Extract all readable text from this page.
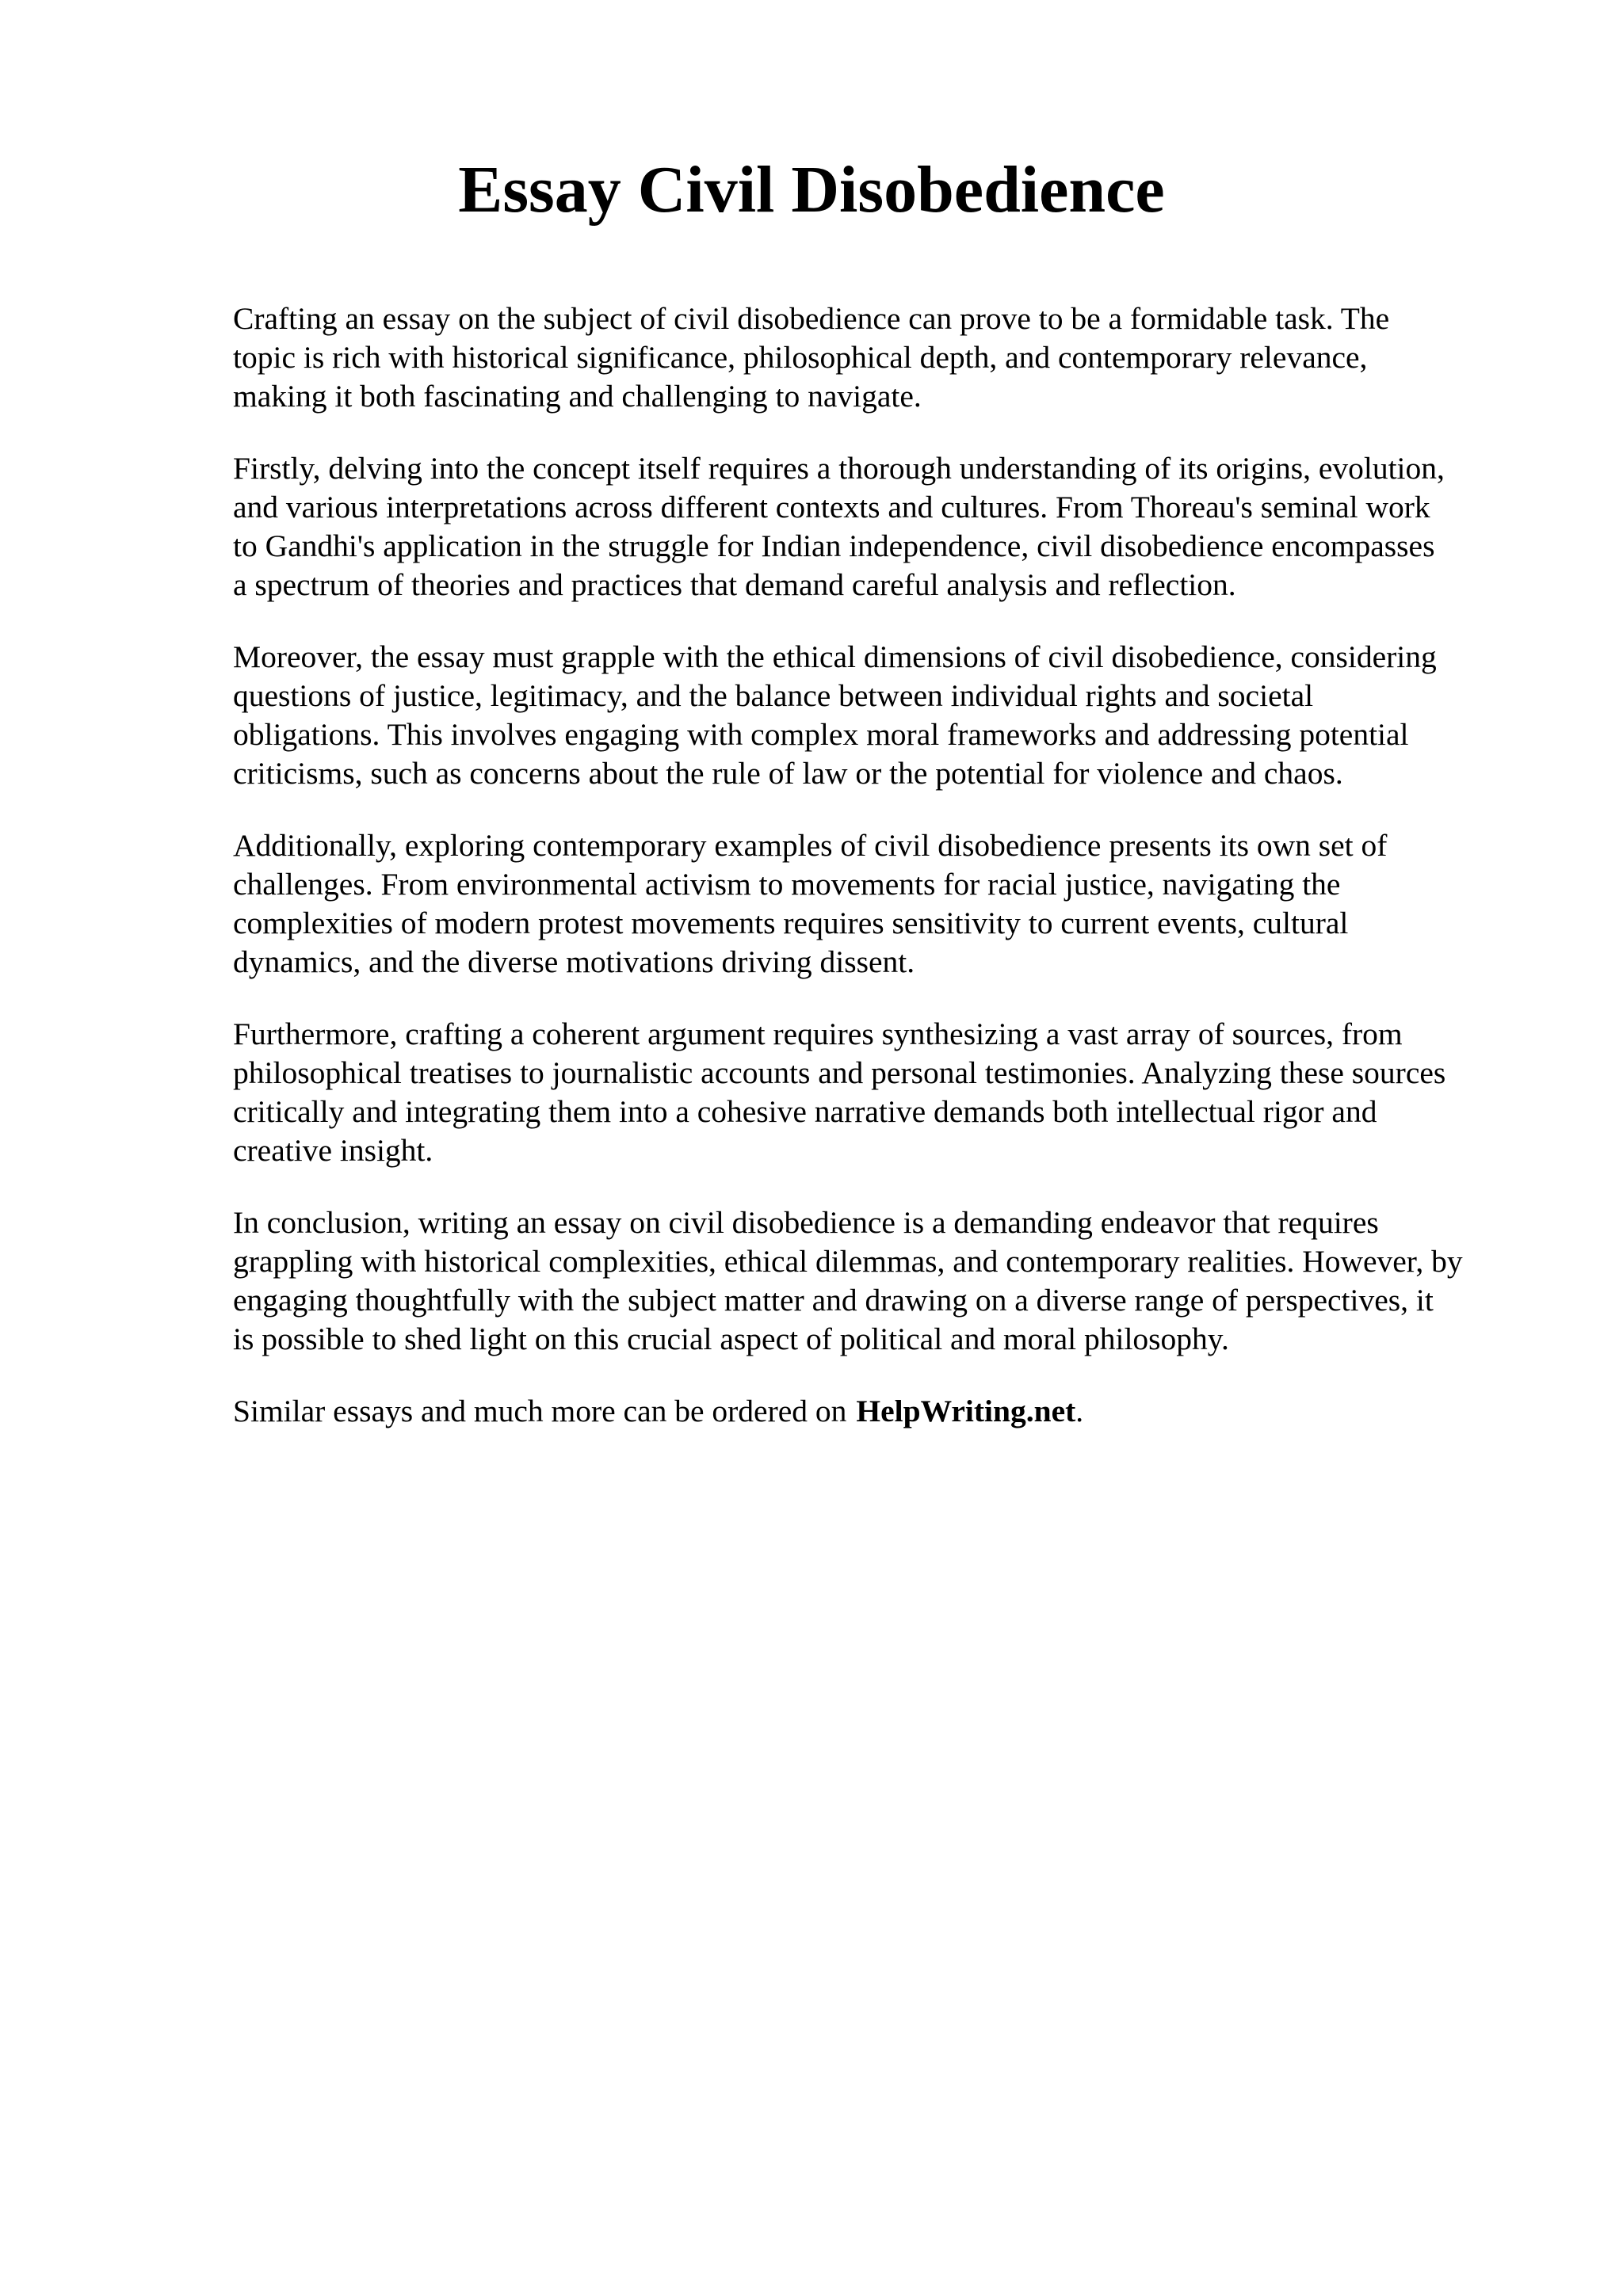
Essay Civil Disobedience

Crafting an essay on the subject of civil disobedience can prove to be a formidable task. The
topic is rich with historical significance, philosophical depth, and contemporary relevance,
making it both fascinating and challenging to navigate.

Firstly, delving into the concept itself requires a thorough understanding of its origins, evolution,
and various interpretations across different contexts and cultures. From Thoreau's seminal work
to Gandhi's application in the struggle for Indian independence, civil disobedience encompasses
a spectrum of theories and practices that demand careful analysis and reflection.

Moreover, the essay must grapple with the ethical dimensions of civil disobedience, considering
questions of justice, legitimacy, and the balance between individual rights and societal
obligations. This involves engaging with complex moral frameworks and addressing potential
criticisms, such as concerns about the rule of law or the potential for violence and chaos.

Additionally, exploring contemporary examples of civil disobedience presents its own set of
challenges. From environmental activism to movements for racial justice, navigating the
complexities of modern protest movements requires sensitivity to current events, cultural
dynamics, and the diverse motivations driving dissent.

Furthermore, crafting a coherent argument requires synthesizing a vast array of sources, from
philosophical treatises to journalistic accounts and personal testimonies. Analyzing these sources
critically and integrating them into a cohesive narrative demands both intellectual rigor and
creative insight.

In conclusion, writing an essay on civil disobedience is a demanding endeavor that requires
grappling with historical complexities, ethical dilemmas, and contemporary realities. However, by
engaging thoughtfully with the subject matter and drawing on a diverse range of perspectives, it
is possible to shed light on this crucial aspect of political and moral philosophy.

Similar essays and much more can be ordered on HelpWriting.net.
